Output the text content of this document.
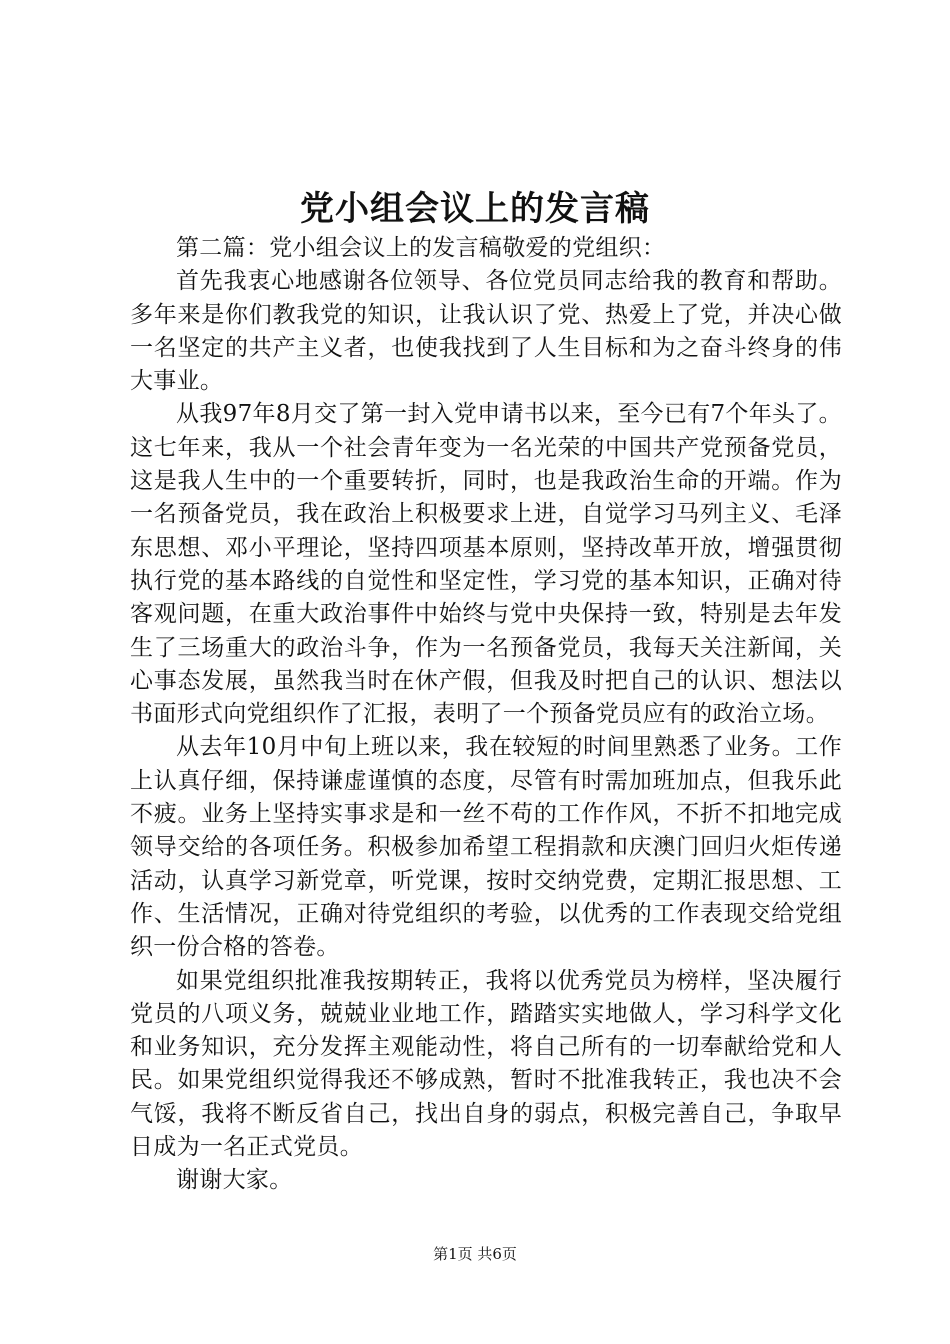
党小组会议上的发言稿

第二篇：党小组会议上的发言稿敬爱的党组织：

首先我衷心地感谢各位领导、各位党员同志给我的教育和帮助。多年来是你们教我党的知识，让我认识了党、热爱上了党，并决心做一名坚定的共产主义者，也使我找到了人生目标和为之奋斗终身的伟大事业。

从我97年8月交了第一封入党申请书以来，至今已有7个年头了。这七年来，我从一个社会青年变为一名光荣的中国共产党预备党员，这是我人生中的一个重要转折，同时，也是我政治生命的开端。作为一名预备党员，我在政治上积极要求上进，自觉学习马列主义、毛泽东思想、邓小平理论，坚持四项基本原则，坚持改革开放，增强贯彻执行党的基本路线的自觉性和坚定性，学习党的基本知识，正确对待客观问题，在重大政治事件中始终与党中央保持一致，特别是去年发生了三场重大的政治斗争，作为一名预备党员，我每天关注新闻，关心事态发展，虽然我当时在休产假，但我及时把自己的认识、想法以书面形式向党组织作了汇报，表明了一个预备党员应有的政治立场。

从去年10月中旬上班以来，我在较短的时间里熟悉了业务。工作上认真仔细，保持谦虚谨慎的态度，尽管有时需加班加点，但我乐此不疲。业务上坚持实事求是和一丝不苟的工作作风，不折不扣地完成领导交给的各项任务。积极参加希望工程捐款和庆澳门回归火炬传递活动，认真学习新党章，听党课，按时交纳党费，定期汇报思想、工作、生活情况，正确对待党组织的考验，以优秀的工作表现交给党组织一份合格的答卷。

如果党组织批准我按期转正，我将以优秀党员为榜样，坚决履行党员的八项义务，兢兢业业地工作，踏踏实实地做人，学习科学文化和业务知识，充分发挥主观能动性，将自己所有的一切奉献给党和人民。如果党组织觉得我还不够成熟，暂时不批准我转正，我也决不会气馁，我将不断反省自己，找出自身的弱点，积极完善自己，争取早日成为一名正式党员。

谢谢大家。

第1页 共6页
